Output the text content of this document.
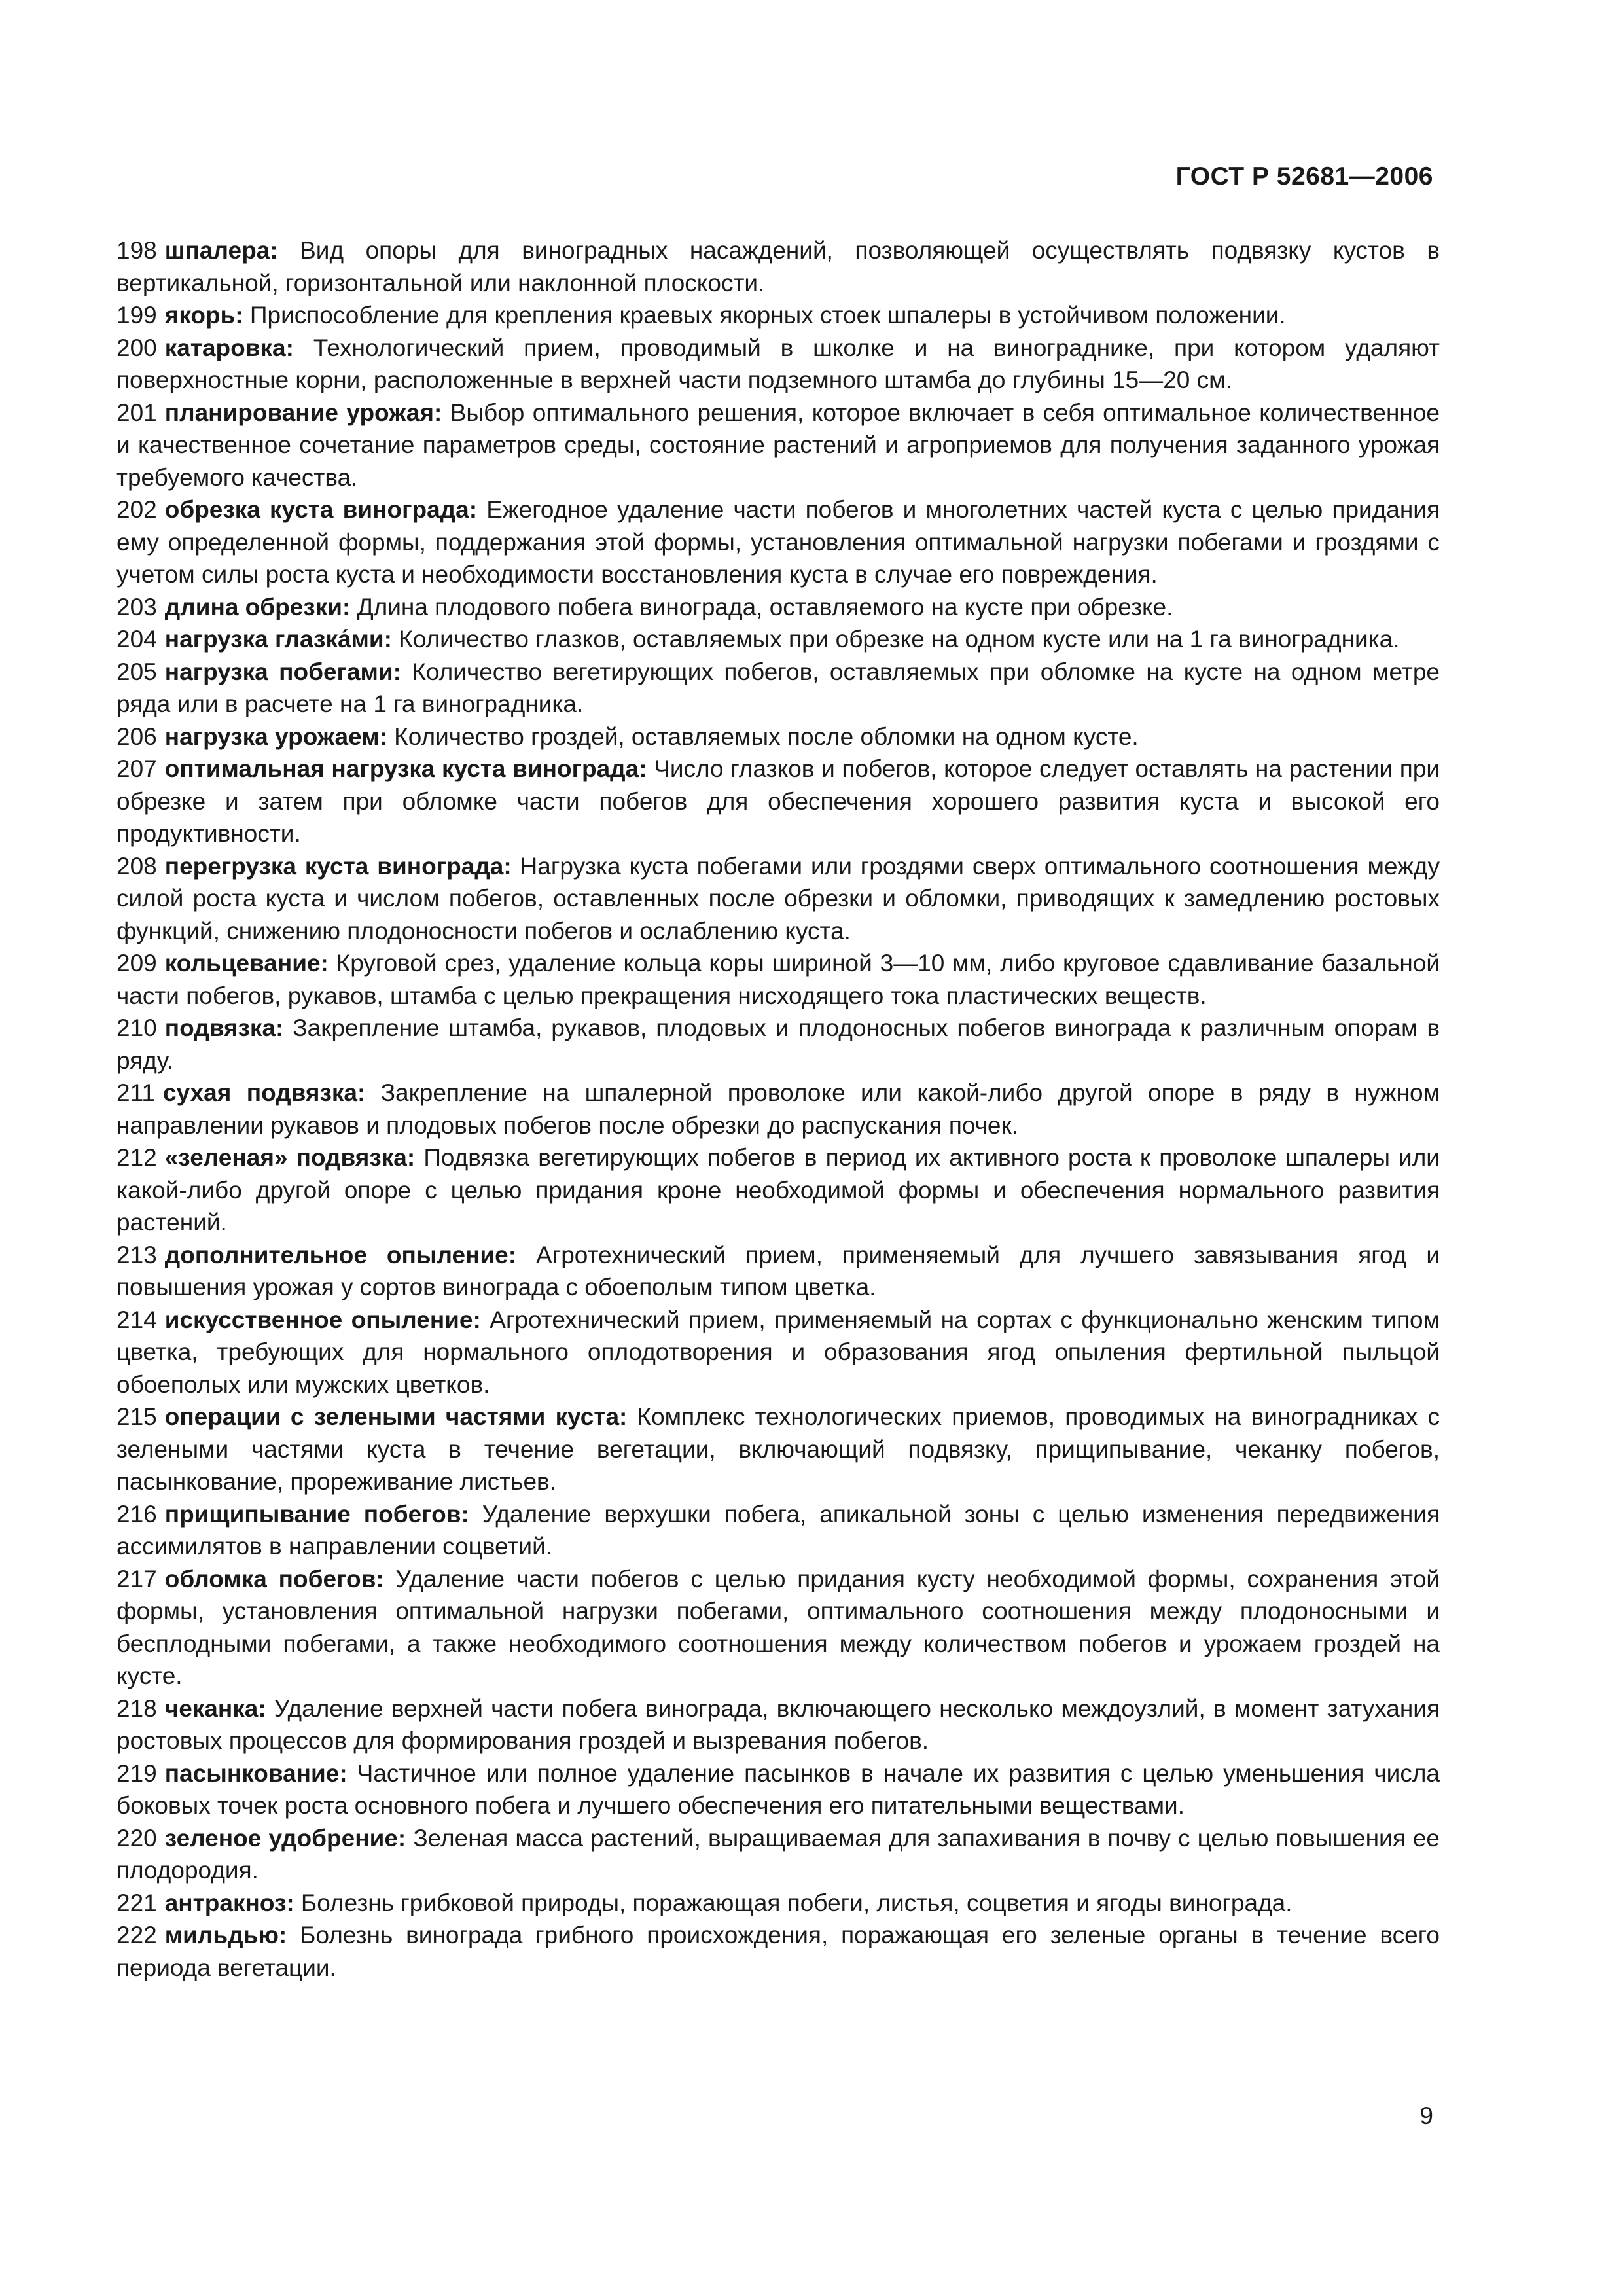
ГОСТ Р 52681—2006

198 шпалера: Вид опоры для виноградных насаждений, позволяющей осуществлять подвязку кустов в вертикальной, горизонтальной или наклонной плоскости.

199 якорь: Приспособление для крепления краевых якорных стоек шпалеры в устойчивом положении.

200 катаровка: Технологический прием, проводимый в школке и на винограднике, при котором удаляют поверхностные корни, расположенные в верхней части подземного штамба до глубины 15—20 см.

201 планирование урожая: Выбор оптимального решения, которое включает в себя оптимальное количественное и качественное сочетание параметров среды, состояние растений и агроприемов для получения заданного урожая требуемого качества.

202 обрезка куста винограда: Ежегодное удаление части побегов и многолетних частей куста с целью придания ему определенной формы, поддержания этой формы, установления оптимальной нагрузки побегами и гроздями с учетом силы роста куста и необходимости восстановления куста в случае его повреждения.

203 длина обрезки: Длина плодового побега винограда, оставляемого на кусте при обрезке.

204 нагрузка глазка́ми: Количество глазков, оставляемых при обрезке на одном кусте или на 1 га виноградника.

205 нагрузка побегами: Количество вегетирующих побегов, оставляемых при обломке на кусте на одном метре ряда или в расчете на 1 га виноградника.

206 нагрузка урожаем: Количество гроздей, оставляемых после обломки на одном кусте.

207 оптимальная нагрузка куста винограда: Число глазков и побегов, которое следует оставлять на растении при обрезке и затем при обломке части побегов для обеспечения хорошего развития куста и высокой его продуктивности.

208 перегрузка куста винограда: Нагрузка куста побегами или гроздями сверх оптимального соотношения между силой роста куста и числом побегов, оставленных после обрезки и обломки, приводящих к замедлению ростовых функций, снижению плодоносности побегов и ослаблению куста.

209 кольцевание: Круговой срез, удаление кольца коры шириной 3—10 мм, либо круговое сдавливание базальной части побегов, рукавов, штамба с целью прекращения нисходящего тока пластических веществ.

210 подвязка: Закрепление штамба, рукавов, плодовых и плодоносных побегов винограда к различным опорам в ряду.

211 сухая подвязка: Закрепление на шпалерной проволоке или какой-либо другой опоре в ряду в нужном направлении рукавов и плодовых побегов после обрезки до распускания почек.

212 «зеленая» подвязка: Подвязка вегетирующих побегов в период их активного роста к проволоке шпалеры или какой-либо другой опоре с целью придания кроне необходимой формы и обеспечения нормального развития растений.

213 дополнительное опыление: Агротехнический прием, применяемый для лучшего завязывания ягод и повышения урожая у сортов винограда с обоеполым типом цветка.

214 искусственное опыление: Агротехнический прием, применяемый на сортах с функционально женским типом цветка, требующих для нормального оплодотворения и образования ягод опыления фертильной пыльцой обоеполых или мужских цветков.

215 операции с зелеными частями куста: Комплекс технологических приемов, проводимых на виноградниках с зелеными частями куста в течение вегетации, включающий подвязку, прищипывание, чеканку побегов, пасынкование, прореживание листьев.

216 прищипывание побегов: Удаление верхушки побега, апикальной зоны с целью изменения передвижения ассимилятов в направлении соцветий.

217 обломка побегов: Удаление части побегов с целью придания кусту необходимой формы, сохранения этой формы, установления оптимальной нагрузки побегами, оптимального соотношения между плодоносными и бесплодными побегами, а также необходимого соотношения между количеством побегов и урожаем гроздей на кусте.

218 чеканка: Удаление верхней части побега винограда, включающего несколько междоузлий, в момент затухания ростовых процессов для формирования гроздей и вызревания побегов.

219 пасынкование: Частичное или полное удаление пасынков в начале их развития с целью уменьшения числа боковых точек роста основного побега и лучшего обеспечения его питательными веществами.

220 зеленое удобрение: Зеленая масса растений, выращиваемая для запахивания в почву с целью повышения ее плодородия.

221 антракноз: Болезнь грибковой природы, поражающая побеги, листья, соцветия и ягоды винограда.

222 мильдью: Болезнь винограда грибного происхождения, поражающая его зеленые органы в течение всего периода вегетации.

9
